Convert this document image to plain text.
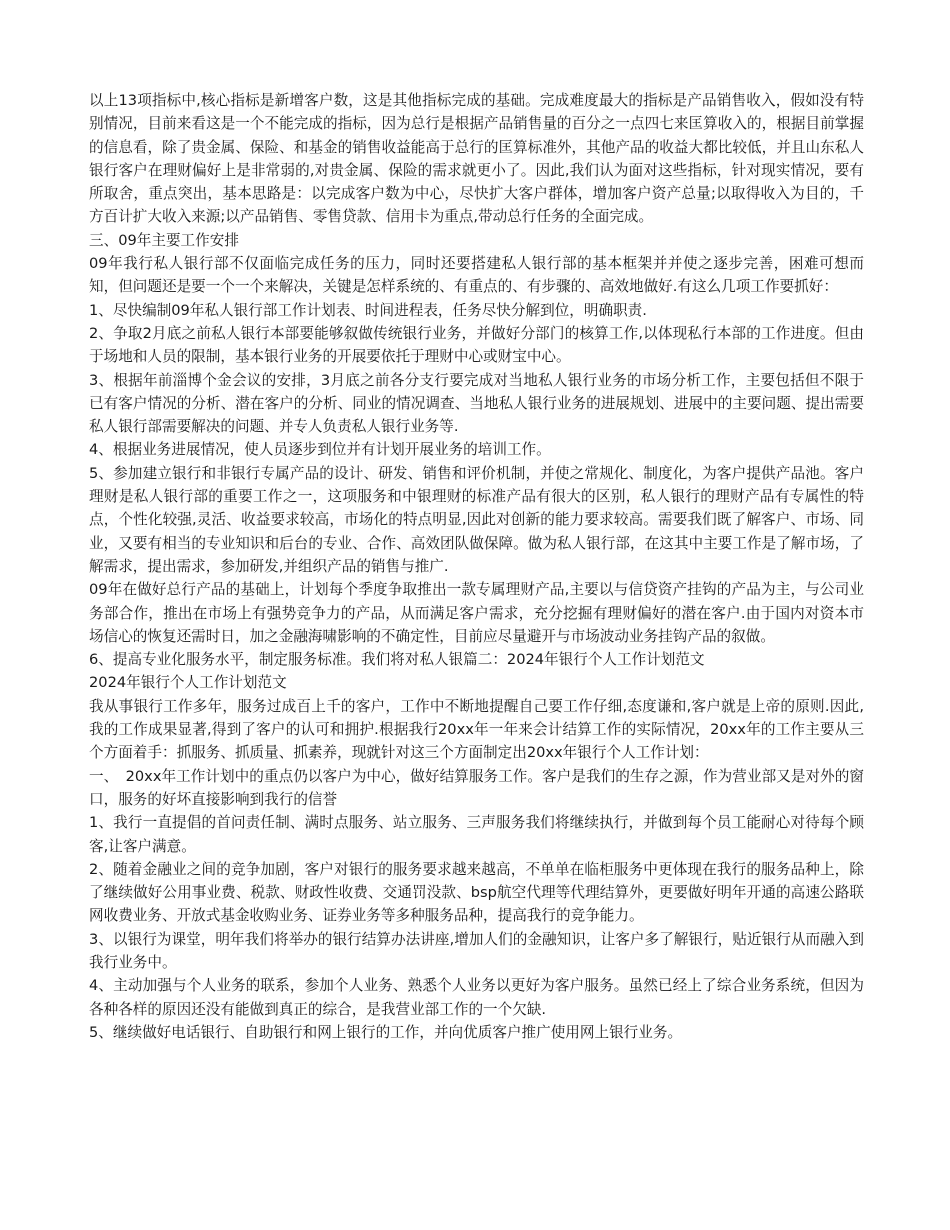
以上13项指标中,核心指标是新增客户数，这是其他指标完成的基础。完成难度最大的指标是产品销售收入，假如没有特别情况，目前来看这是一个不能完成的指标，因为总行是根据产品销售量的百分之一点四七来匡算收入的，根据目前掌握的信息看，除了贵金属、保险、和基金的销售收益能高于总行的匡算标准外，其他产品的收益大都比较低，并且山东私人银行客户在理财偏好上是非常弱的,对贵金属、保险的需求就更小了。因此,我们认为面对这些指标，针对现实情况，要有所取舍，重点突出，基本思路是：以完成客户数为中心，尽快扩大客户群体，增加客户资产总量;以取得收入为目的，千方百计扩大收入来源;以产品销售、零售贷款、信用卡为重点,带动总行任务的全面完成。

三、09年主要工作安排

09年我行私人银行部不仅面临完成任务的压力，同时还要搭建私人银行部的基本框架并并使之逐步完善，困难可想而知，但问题还是要一个一个来解决，关键是怎样系统的、有重点的、有步骤的、高效地做好.有这么几项工作要抓好：

1、尽快编制09年私人银行部工作计划表、时间进程表，任务尽快分解到位，明确职责.

2、争取2月底之前私人银行本部要能够叙做传统银行业务，并做好分部门的核算工作,以体现私行本部的工作进度。但由于场地和人员的限制，基本银行业务的开展要依托于理财中心或财宝中心。

3、根据年前淄博个金会议的安排，3月底之前各分支行要完成对当地私人银行业务的市场分析工作，主要包括但不限于已有客户情况的分析、潜在客户的分析、同业的情况调查、当地私人银行业务的进展规划、进展中的主要问题、提出需要私人银行部需要解决的问题、并专人负责私人银行业务等.

4、根据业务进展情况，使人员逐步到位并有计划开展业务的培训工作。

5、参加建立银行和非银行专属产品的设计、研发、销售和评价机制，并使之常规化、制度化，为客户提供产品池。客户理财是私人银行部的重要工作之一，这项服务和中银理财的标准产品有很大的区别，私人银行的理财产品有专属性的特点，个性化较强,灵活、收益要求较高，市场化的特点明显,因此对创新的能力要求较高。需要我们既了解客户、市场、同业，又要有相当的专业知识和后台的专业、合作、高效团队做保障。做为私人银行部，在这其中主要工作是了解市场，了解需求，提出需求，参加研发,并组织产品的销售与推广.

09年在做好总行产品的基础上，计划每个季度争取推出一款专属理财产品,主要以与信贷资产挂钩的产品为主，与公司业务部合作，推出在市场上有强势竞争力的产品，从而满足客户需求，充分挖掘有理财偏好的潜在客户.由于国内对资本市场信心的恢复还需时日，加之金融海啸影响的不确定性，目前应尽量避开与市场波动业务挂钩产品的叙做。

6、提高专业化服务水平，制定服务标准。我们将对私人银篇二：2024年银行个人工作计划范文

2024年银行个人工作计划范文

我从事银行工作多年，服务过成百上千的客户，工作中不断地提醒自己要工作仔细,态度谦和,客户就是上帝的原则.因此,我的工作成果显著,得到了客户的认可和拥护.根据我行20xx年一年来会计结算工作的实际情况，20xx年的工作主要从三个方面着手：抓服务、抓质量、抓素养，现就针对这三个方面制定出20xx年银行个人工作计划：

一、　20xx年工作计划中的重点仍以客户为中心，做好结算服务工作。客户是我们的生存之源，作为营业部又是对外的窗口，服务的好坏直接影响到我行的信誉

1、我行一直提倡的首问责任制、满时点服务、站立服务、三声服务我们将继续执行，并做到每个员工能耐心对待每个顾客,让客户满意。

2、随着金融业之间的竞争加剧，客户对银行的服务要求越来越高，不单单在临柜服务中更体现在我行的服务品种上，除了继续做好公用事业费、税款、财政性收费、交通罚没款、bsp航空代理等代理结算外，更要做好明年开通的高速公路联网收费业务、开放式基金收购业务、证券业务等多种服务品种，提高我行的竞争能力。

3、以银行为课堂，明年我们将举办的银行结算办法讲座,增加人们的金融知识，让客户多了解银行，贴近银行从而融入到我行业务中。

4、主动加强与个人业务的联系，参加个人业务、熟悉个人业务以更好为客户服务。虽然已经上了综合业务系统，但因为各种各样的原因还没有能做到真正的综合，是我营业部工作的一个欠缺.

5、继续做好电话银行、自助银行和网上银行的工作，并向优质客户推广使用网上银行业务。
